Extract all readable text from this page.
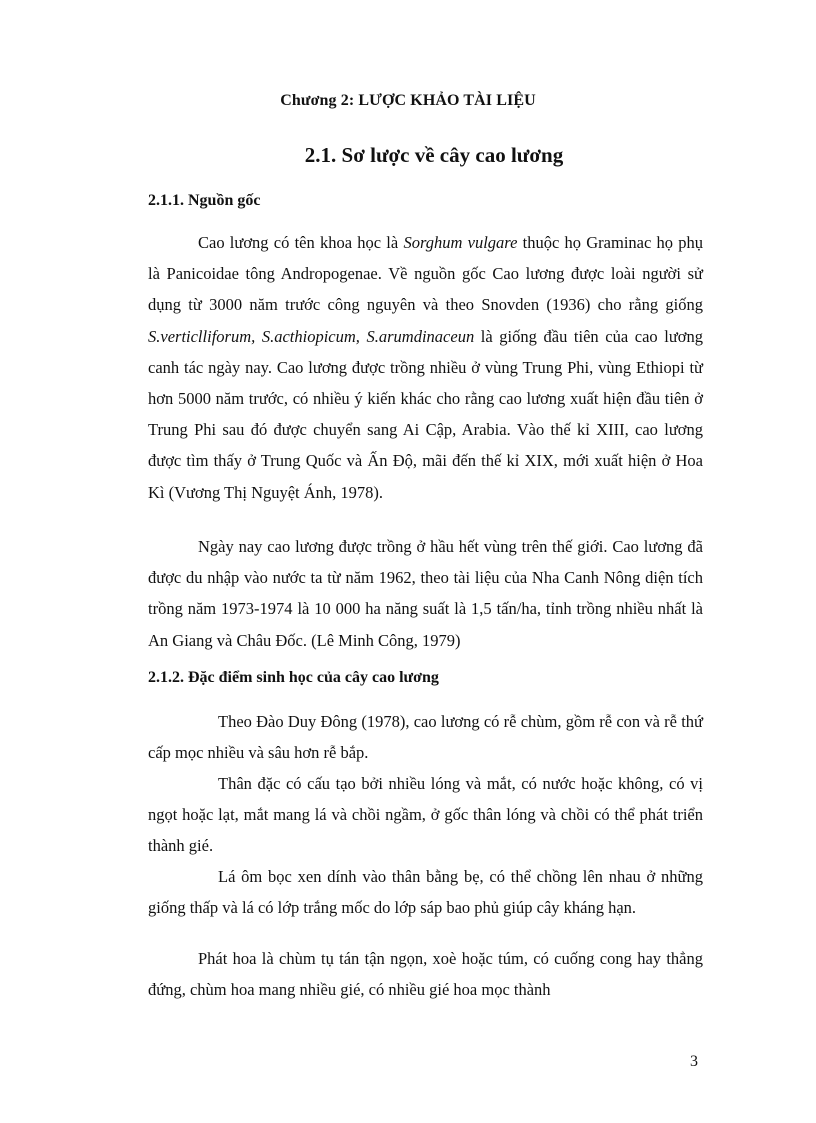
Chương 2: LƯỢC KHẢO TÀI LIỆU
2.1. Sơ lược về cây cao lương
2.1.1. Nguồn gốc

Cao lương có tên khoa học là Sorghum vulgare thuộc họ Graminac họ phụ là Panicoidae tông Andropogenae. Về nguồn gốc Cao lương được loài người sử dụng từ 3000 năm trước công nguyên và theo Snovden (1936) cho rằng giống S.verticlliforum, S.acthiopicum, S.arumdinaceun là giống đầu tiên của cao lương canh tác ngày nay. Cao lương được trồng nhiều ở vùng Trung Phi, vùng Ethiopi từ hơn 5000 năm trước, có nhiều ý kiến khác cho rằng cao lương xuất hiện đầu tiên ở Trung Phi sau đó được chuyển sang Ai Cập, Arabia. Vào thế kỉ XIII, cao lương được tìm thấy ở Trung Quốc và Ấn Độ, mãi đến thế kỉ XIX, mới xuất hiện ở Hoa Kì (Vương Thị Nguyệt Ánh, 1978).

Ngày nay cao lương được trồng ở hầu hết vùng trên thế giới. Cao lương đã được du nhập vào nước ta từ năm 1962, theo tài liệu của Nha Canh Nông diện tích trồng năm 1973-1974 là 10 000 ha năng suất là 1,5 tấn/ha, tỉnh trồng nhiều nhất là An Giang và Châu Đốc. (Lê Minh Công, 1979)

2.1.2. Đặc điểm sinh học của cây cao lương

Theo Đào Duy Đông (1978), cao lương có rễ chùm, gồm rễ con và rễ thứ cấp mọc nhiều và sâu hơn rễ bắp.

Thân đặc có cấu tạo bởi nhiều lóng và mắt, có nước hoặc không, có vị ngọt hoặc lạt, mắt mang lá và chồi ngầm, ở gốc thân lóng và chồi có thể phát triển thành gié.

Lá ôm bọc xen dính vào thân bằng bẹ, có thể chồng lên nhau ở những giống thấp và lá có lớp trắng mốc do lớp sáp bao phủ giúp cây kháng hạn.

Phát hoa là chùm tụ tán tận ngọn, xoè hoặc túm, có cuống cong hay thẳng đứng, chùm hoa mang nhiều gié, có nhiều gié hoa mọc thành

3
